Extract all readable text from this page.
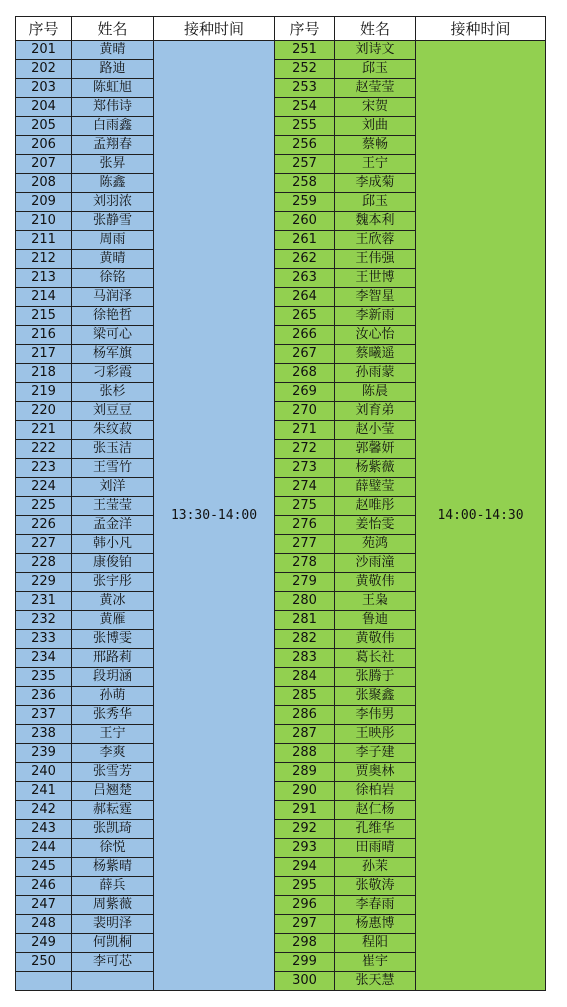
序号	姓名	接种时间	序号	姓名	接种时间
201	黄晴	13:30-14:00	251	刘诗文	14:00-14:30
202	路迪		252	邱玉	
203	陈虹旭		253	赵莹莹	
204	郑伟诗		254	宋贺	
205	白雨鑫		255	刘曲	
206	孟翔春		256	蔡畅	
207	张昇		257	王宁	
208	陈鑫		258	李成菊	
209	刘羽浓		259	邱玉	
210	张静雪		260	魏本利	
211	周雨		261	王欣蓉	
212	黄晴		262	王伟强	
213	徐铭		263	王世博	
214	马润泽		264	李智星	
215	徐艳哲		265	李新雨	
216	梁可心		266	汝心怡	
217	杨军旗		267	蔡曦遥	
218	刁彩霞		268	孙雨蒙	
219	张杉		269	陈晨	
220	刘豆豆		270	刘育弟	
221	朱纹菽		271	赵小莹	
222	张玉洁		272	郭馨妍	
223	王雪竹		273	杨紫薇	
224	刘洋		274	薛璧莹	
225	王莹莹		275	赵唯彤	
226	孟金洋		276	姜怡雯	
227	韩小凡		277	苑鸿	
228	康俊铂		278	沙雨潼	
229	张宇彤		279	黄敬伟	
231	黄冰		280	王枭	
232	黄雁		281	鲁迪	
233	张博雯		282	黄敬伟	
234	邢路莉		283	葛长社	
235	段玥涵		284	张腾于	
236	孙萌		285	张聚鑫	
237	张秀华		286	李伟男	
238	王宁		287	王映彤	
239	李爽		288	李子建	
240	张雪芳		289	贾奥林	
241	吕翘楚		290	徐柏岩	
242	郝耘霆		291	赵仁杨	
243	张凯琦		292	孔维华	
244	徐悦		293	田雨晴	
245	杨紫晴		294	孙茉	
246	薛兵		295	张敬涛	
247	周紫薇		296	李春雨	
248	裴明泽		297	杨惠博	
249	何凯桐		298	程阳	
250	李可芯		299	崔宇	
			300	张天慧	
